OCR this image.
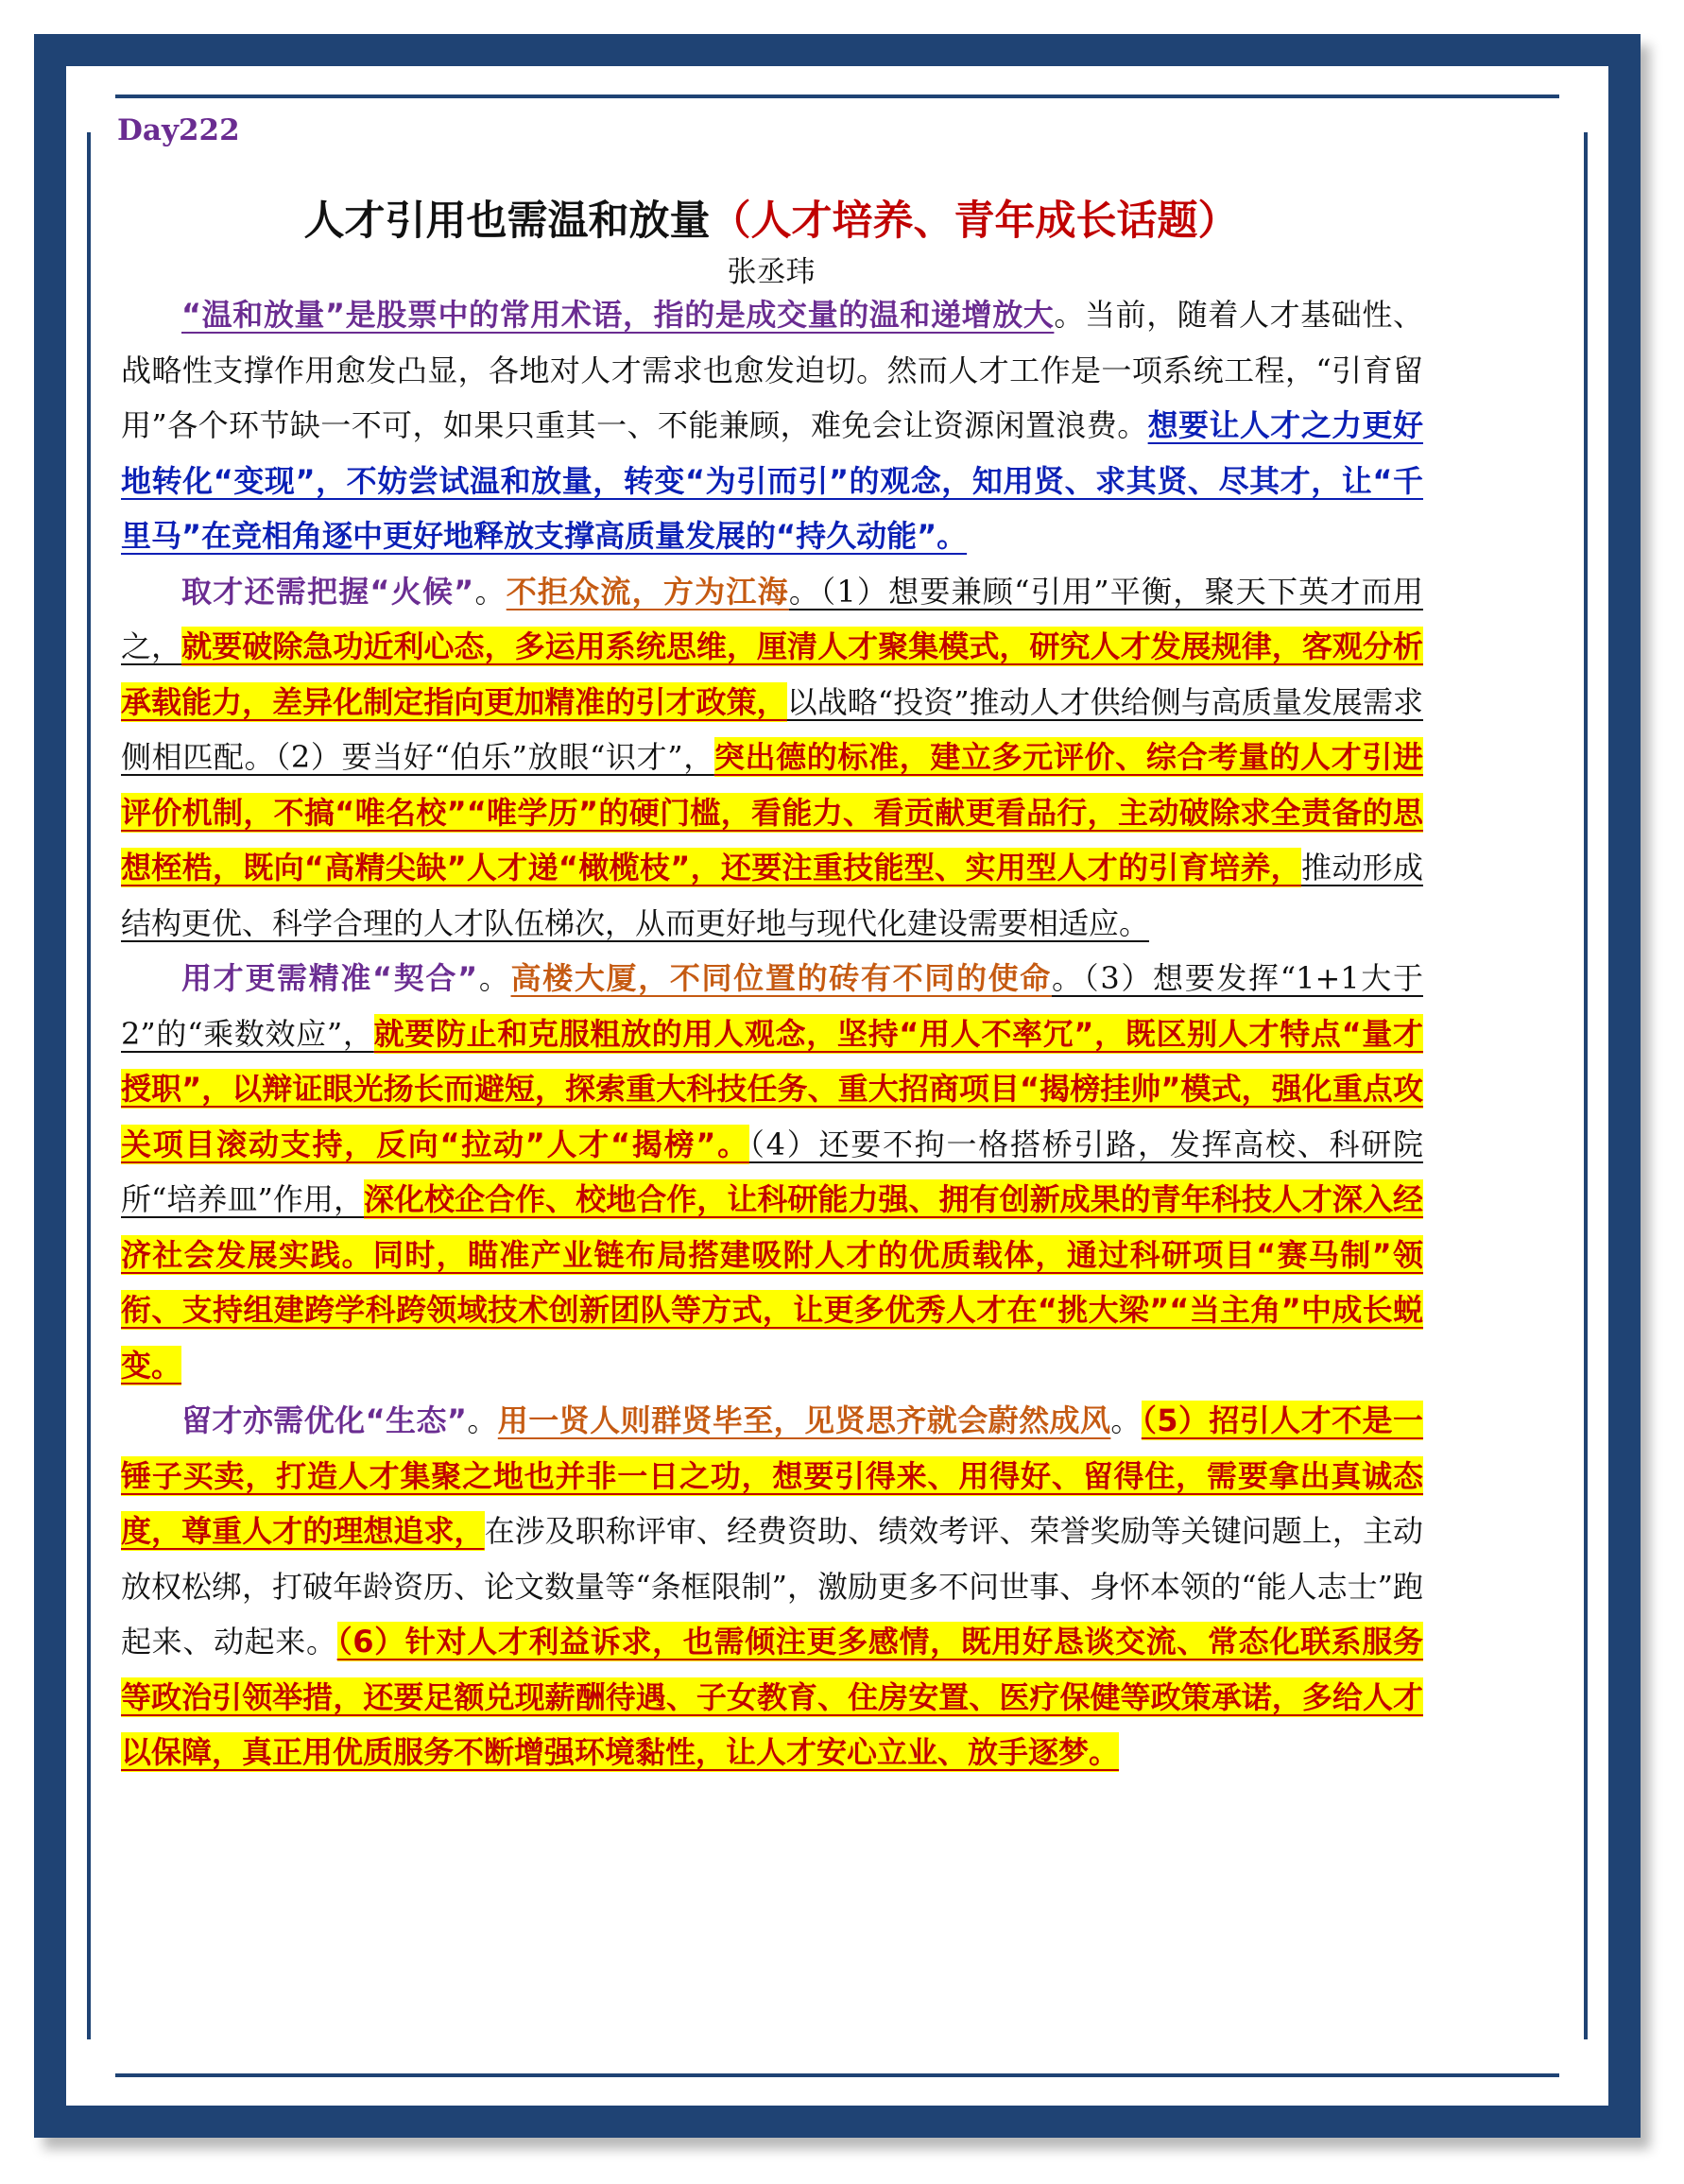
Day222
人才引用也需温和放量（人才培养、青年成长话题）
张丞玮

“温和放量”是股票中的常用术语，指的是成交量的温和递增放大。当前，随着人才基础性、战略性支撑作用愈发凸显，各地对人才需求也愈发迫切。然而人才工作是一项系统工程，“引育留用”各个环节缺一不可，如果只重其一、不能兼顾，难免会让资源闲置浪费。想要让人才之力更好地转化“变现”，不妨尝试温和放量，转变“为引而引”的观念，知用贤、求其贤、尽其才，让“千里马”在竞相角逐中更好地释放支撑高质量发展的“持久动能”。

取才还需把握“火候”。不拒众流，方为江海。（1）想要兼顾“引用”平衡，聚天下英才而用之，就要破除急功近利心态，多运用系统思维，厘清人才聚集模式，研究人才发展规律，客观分析承载能力，差异化制定指向更加精准的引才政策，以战略“投资”推动人才供给侧与高质量发展需求侧相匹配。（2）要当好“伯乐”放眼“识才”，突出德的标准，建立多元评价、综合考量的人才引进评价机制，不搞“唯名校”“唯学历”的硬门槛，看能力、看贡献更看品行，主动破除求全责备的思想桎梏，既向“高精尖缺”人才递“橄榄枝”，还要注重技能型、实用型人才的引育培养，推动形成结构更优、科学合理的人才队伍梯次，从而更好地与现代化建设需要相适应。

用才更需精准“契合”。高楼大厦，不同位置的砖有不同的使命。（3）想要发挥“1+1大于2”的“乘数效应”，就要防止和克服粗放的用人观念，坚持“用人不率冗”，既区别人才特点“量才授职”，以辩证眼光扬长而避短，探索重大科技任务、重大招商项目“揭榜挂帅”模式，强化重点攻关项目滚动支持，反向“拉动”人才“揭榜”。（4）还要不拘一格搭桥引路，发挥高校、科研院所“培养皿”作用，深化校企合作、校地合作，让科研能力强、拥有创新成果的青年科技人才深入经济社会发展实践。同时，瞄准产业链布局搭建吸附人才的优质载体，通过科研项目“赛马制”领衔、支持组建跨学科跨领域技术创新团队等方式，让更多优秀人才在“挑大梁”“当主角”中成长蜕变。

留才亦需优化“生态”。用一贤人则群贤毕至，见贤思齐就会蔚然成风。（5）招引人才不是一锤子买卖，打造人才集聚之地也并非一日之功，想要引得来、用得好、留得住，需要拿出真诚态度，尊重人才的理想追求，在涉及职称评审、经费资助、绩效考评、荣誉奖励等关键问题上，主动放权松绑，打破年龄资历、论文数量等“条框限制”，激励更多不问世事、身怀本领的“能人志士”跑起来、动起来。（6）针对人才利益诉求，也需倾注更多感情，既用好恳谈交流、常态化联系服务等政治引领举措，还要足额兑现薪酬待遇、子女教育、住房安置、医疗保健等政策承诺，多给人才以保障，真正用优质服务不断增强环境黏性，让人才安心立业、放手逐梦。
